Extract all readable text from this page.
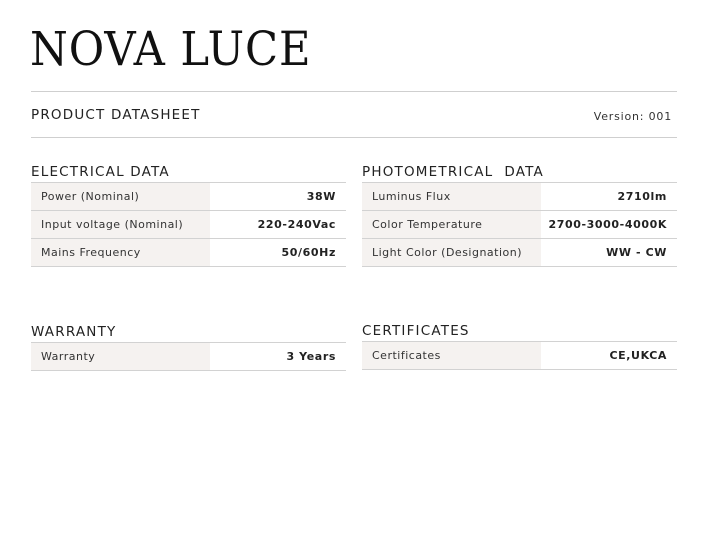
NOVA LUCE
PRODUCT DATASHEET	Version: 001
ELECTRICAL DATA
Power (Nominal)	38W
Input voltage (Nominal)	220-240Vac
Mains Frequency	50/60Hz
PHOTOMETRICAL  DATA
Luminus Flux	2710lm
Color Temperature	2700-3000-4000K
Light Color (Designation)	WW - CW
WARRANTY
Warranty	3 Years
CERTIFICATES
Certificates	CE,UKCA
